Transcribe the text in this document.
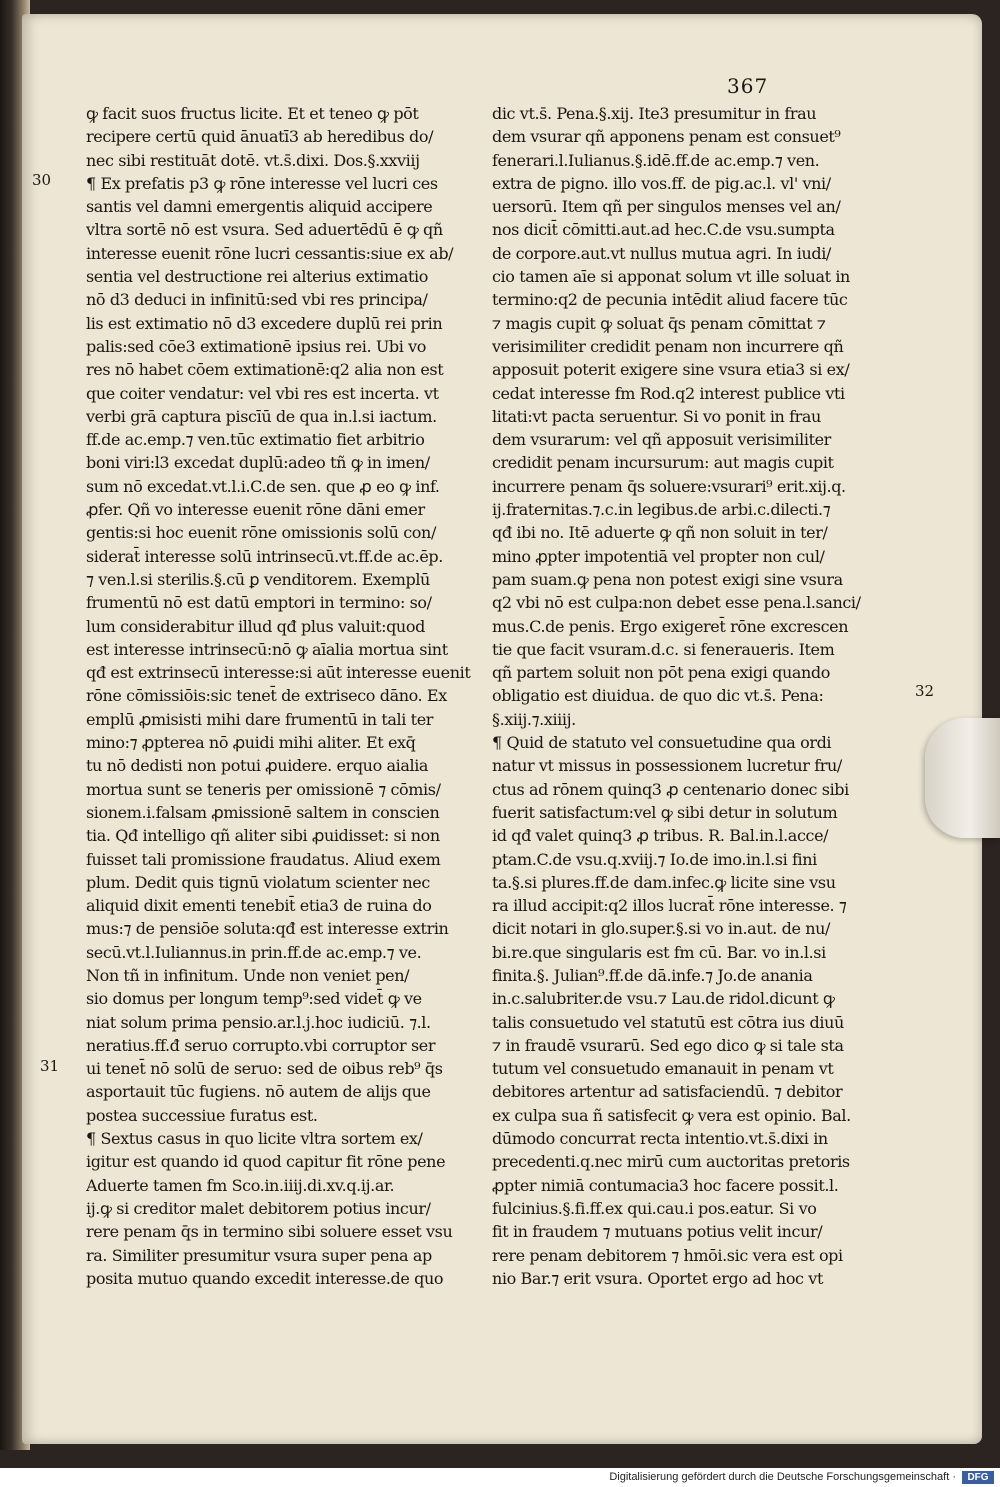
367
ꝙ facit suos fructus licite. Et et teneo ꝙ pōt
recipere certū quid ānuatī3 ab heredibus do/
nec sibi restituāt dotē. vt.s̄.dixi. Dos.§.xxviij
¶ Ex prefatis p3 ꝙ rōne interesse vel lucri ces
santis vel damni emergentis aliquid accipere
vltra sortē nō est vsura. Sed aduertēdū ē ꝙ qñ
interesse euenit rōne lucri cessantis:siue ex ab/
sentia vel destructione rei alterius extimatio
nō d3 deduci in infinitū:sed vbi res principa/
lis est extimatio nō d3 excedere duplū rei prin
palis:sed cōe3 extimationē ipsius rei. Ubi vo
res nō habet cōem extimationē:q2 alia non est
que coiter vendatur: vel vbi res est incerta. vt
verbi grā captura piscīū de qua in.l.si iactum.
ff.de ac.emp.⁊ ven.tūc extimatio fiet arbitrio
boni viri:l3 excedat duplū:adeo tñ ꝙ in imen/
sum nō excedat.vt.l.i.C.de sen. que ꝓ eo ꝙ inf.
ꝓfer. Qñ vo interesse euenit rōne dāni emer
gentis:si hoc euenit rōne omissionis solū con/
siderat̄ interesse solū intrinsecū.vt.ff.de ac.ēp.
⁊ ven.l.si sterilis.§.cū ꝑ venditorem. Exemplū
frumentū nō est datū emptori in termino: so/
lum considerabitur illud qđ plus valuit:quod
est interesse intrinsecū:nō ꝙ aīalia mortua sint
qđ est extrinsecū interesse:si aūt interesse euenit
rōne cōmissiōis:sic tenet̄ de extriseco dāno. Ex
emplū ꝓmisisti mihi dare frumentū in tali ter
mino:⁊ ꝓpterea nō ꝓuidi mihi aliter. Et exq̄
tu nō dedisti non potui ꝓuidere. erquo aialia
mortua sunt se teneris per omissionē ⁊ cōmis/
sionem.i.falsam ꝓmissionē saltem in conscien
tia. Qđ intelligo qñ aliter sibi ꝓuidisset: si non
fuisset tali promissione fraudatus. Aliud exem
plum. Dedit quis tignū violatum scienter nec
aliquid dixit ementi tenebit̄ etia3 de ruina do
mus:⁊ de pensiōe soluta:qđ est interesse extrin
secū.vt.l.Iuliannus.in prin.ff.de ac.emp.⁊ ve.
Non tñ in infinitum. Unde non veniet pen/
sio domus per longum temp⁹:sed videt̄ ꝙ ve
niat solum prima pensio.ar.l.j.hoc iudiciū. ⁊.l.
neratius.ff.đ seruo corrupto.vbi corruptor ser
ui tenet̄ nō solū de seruo: sed de oibus reb⁹ q̄s
asportauit tūc fugiens. nō autem de alijs que
postea successiue furatus est.
¶ Sextus casus in quo licite vltra sortem ex/
igitur est quando id quod capitur fit rōne pene
Aduerte tamen fm Sco.in.iiij.di.xv.q.ij.ar.
ij.ꝙ si creditor malet debitorem potius incur/
rere penam q̄s in termino sibi soluere esset vsu
ra. Similiter presumitur vsura super pena ap
posita mutuo quando excedit interesse.de quo
dic vt.s̄. Pena.§.xij. Ite3 presumitur in frau
dem vsurar qñ apponens penam est consuet⁹
fenerari.l.Iulianus.§.idē.ff.de ac.emp.⁊ ven.
extra de pigno. illo vos.ff. de pig.ac.l. vl' vni/
uersorū. Item qñ per singulos menses vel an/
nos dicit̄ cōmitti.aut.ad hec.C.de vsu.sumpta
de corpore.aut.vt nullus mutua agri. In iudi/
cio tamen aīe si apponat solum vt ille soluat in
termino:q2 de pecunia intēdit aliud facere tūc
⁊ magis cupit ꝙ soluat q̄s penam cōmittat ⁊
verisimiliter credidit penam non incurrere qñ
apposuit poterit exigere sine vsura etia3 si ex/
cedat interesse fm Rod.q2 interest publice vti
litati:vt pacta seruentur. Si vo ponit in frau
dem vsurarum: vel qñ apposuit verisimiliter
credidit penam incursurum: aut magis cupit
incurrere penam q̄s soluere:vsurari⁹ erit.xij.q.
ij.fraternitas.⁊.c.in legibus.de arbi.c.dilecti.⁊
qđ ibi no. Itē aduerte ꝙ qñ non soluit in ter/
mino ꝓpter impotentiā vel propter non cul/
pam suam.ꝙ pena non potest exigi sine vsura
q2 vbi nō est culpa:non debet esse pena.l.sanci/
mus.C.de penis. Ergo exigeret̄ rōne excrescen
tie que facit vsuram.d.c. si feneraueris. Item
qñ partem soluit non pōt pena exigi quando
obligatio est diuidua. de quo dic vt.s̄. Pena:
§.xiij.⁊.xiiij.
¶ Quid de statuto vel consuetudine qua ordi
natur vt missus in possessionem lucretur fru/
ctus ad rōnem quinq3 ꝓ centenario donec sibi
fuerit satisfactum:vel ꝙ sibi detur in solutum
id qđ valet quinq3 ꝓ tribus. R. Bal.in.l.acce/
ptam.C.de vsu.q.xviij.⁊ Io.de imo.in.l.si fini
ta.§.si plures.ff.de dam.infec.ꝙ licite sine vsu
ra illud accipit:q2 illos lucrat̄ rōne interesse. ⁊
dicit notari in glo.super.§.si vo in.aut. de nu/
bi.re.que singularis est fm cū. Bar. vo in.l.si
finita.§. Julian⁹.ff.de dā.infe.⁊ Jo.de anania
in.c.salubriter.de vsu.⁊ Lau.de ridol.dicunt ꝙ
talis consuetudo vel statutū est cōtra ius diuū
⁊ in fraudē vsurarū. Sed ego dico ꝙ si tale sta
tutum vel consuetudo emanauit in penam vt
debitores artentur ad satisfaciendū. ⁊ debitor
ex culpa sua ñ satisfecit ꝙ vera est opinio. Bal.
dūmodo concurrat recta intentio.vt.s̄.dixi in
precedenti.q.nec mirū cum auctoritas pretoris
ꝓpter nimiā contumacia3 hoc facere possit.l.
fulcinius.§.fi.ff.ex qui.cau.i pos.eatur. Si vo
fit in fraudem ⁊ mutuans potius velit incur/
rere penam debitorem ⁊ hmōi.sic vera est opi
nio Bar.⁊ erit vsura. Oportet ergo ad hoc vt
30
31
32
Digitalisierung gefördert durch die Deutsche Forschungsgemeinschaft ·	DFG
